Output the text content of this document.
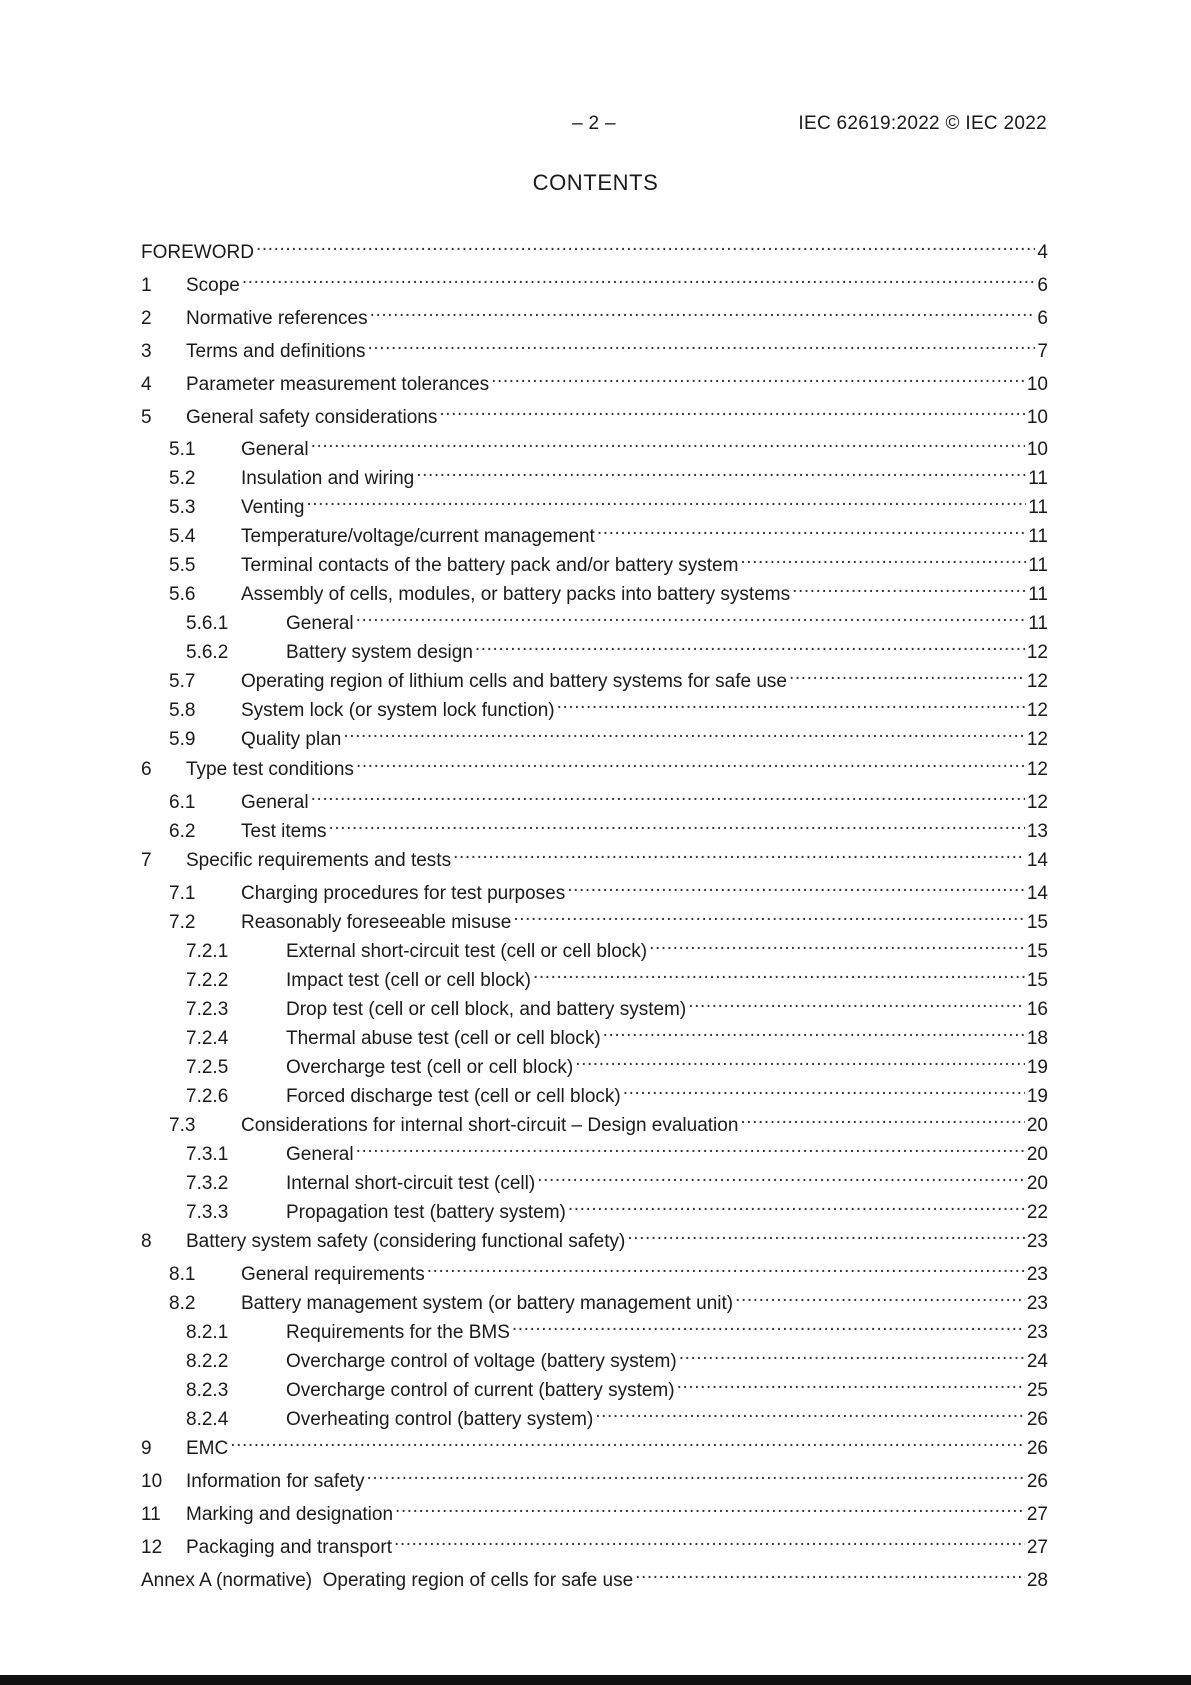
– 2 –	IEC 62619:2022 © IEC 2022
CONTENTS
FOREWORD .....	4
1	Scope .....	6
2	Normative references .....	6
3	Terms and definitions .....	7
4	Parameter measurement tolerances .....	10
5	General safety considerations .....	10
5.1	General .....	10
5.2	Insulation and wiring .....	11
5.3	Venting .....	11
5.4	Temperature/voltage/current management .....	11
5.5	Terminal contacts of the battery pack and/or battery system .....	11
5.6	Assembly of cells, modules, or battery packs into battery systems .....	11
5.6.1	General .....	11
5.6.2	Battery system design .....	12
5.7	Operating region of lithium cells and battery systems for safe use .....	12
5.8	System lock (or system lock function) .....	12
5.9	Quality plan .....	12
6	Type test conditions .....	12
6.1	General .....	12
6.2	Test items .....	13
7	Specific requirements and tests .....	14
7.1	Charging procedures for test purposes .....	14
7.2	Reasonably foreseeable misuse .....	15
7.2.1	External short-circuit test (cell or cell block) .....	15
7.2.2	Impact test (cell or cell block) .....	15
7.2.3	Drop test (cell or cell block, and battery system) .....	16
7.2.4	Thermal abuse test (cell or cell block) .....	18
7.2.5	Overcharge test (cell or cell block) .....	19
7.2.6	Forced discharge test (cell or cell block) .....	19
7.3	Considerations for internal short-circuit – Design evaluation .....	20
7.3.1	General .....	20
7.3.2	Internal short-circuit test (cell) .....	20
7.3.3	Propagation test (battery system) .....	22
8	Battery system safety (considering functional safety) .....	23
8.1	General requirements .....	23
8.2	Battery management system (or battery management unit) .....	23
8.2.1	Requirements for the BMS .....	23
8.2.2	Overcharge control of voltage (battery system) .....	24
8.2.3	Overcharge control of current (battery system) .....	25
8.2.4	Overheating control (battery system) .....	26
9	EMC .....	26
10	Information for safety .....	26
11	Marking and designation .....	27
12	Packaging and transport .....	27
Annex A (normative)  Operating region of cells for safe use .....	28
